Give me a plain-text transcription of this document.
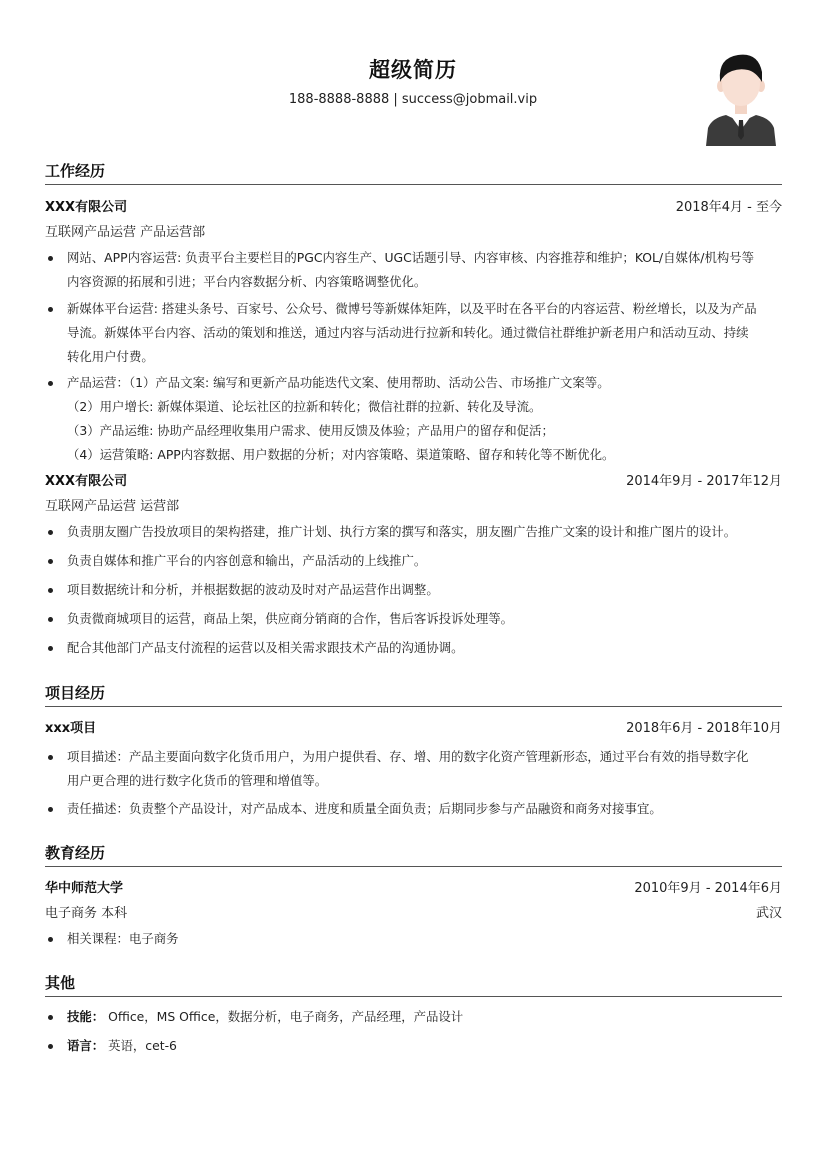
超级简历
188-8888-8888 | success@jobmail.vip
工作经历
XXX有限公司	2018年4月 - 至今
互联网产品运营 产品运营部
网站、APP内容运营: 负责平台主要栏目的PGC内容生产、UGC话题引导、内容审核、内容推荐和维护；KOL/自媒体/机构号等
内容资源的拓展和引进；平台内容数据分析、内容策略调整优化。
新媒体平台运营: 搭建头条号、百家号、公众号、微博号等新媒体矩阵，以及平时在各平台的内容运营、粉丝增长，以及为产品
导流。新媒体平台内容、活动的策划和推送，通过内容与活动进行拉新和转化。通过微信社群维护新老用户和活动互动、持续
转化用户付费。
产品运营：（1）产品文案: 编写和更新产品功能迭代文案、使用帮助、活动公告、市场推广文案等。
（2）用户增长: 新媒体渠道、论坛社区的拉新和转化；微信社群的拉新、转化及导流。
（3）产品运维: 协助产品经理收集用户需求、使用反馈及体验；产品用户的留存和促活；
（4）运营策略: APP内容数据、用户数据的分析；对内容策略、渠道策略、留存和转化等不断优化。
XXX有限公司	2014年9月 - 2017年12月
互联网产品运营 运营部
负责朋友圈广告投放项目的架构搭建，推广计划、执行方案的撰写和落实，朋友圈广告推广文案的设计和推广图片的设计。
负责自媒体和推广平台的内容创意和输出，产品活动的上线推广。
项目数据统计和分析，并根据数据的波动及时对产品运营作出调整。
负责微商城项目的运营，商品上架，供应商分销商的合作，售后客诉投诉处理等。
配合其他部门产品支付流程的运营以及相关需求跟技术产品的沟通协调。
项目经历
xxx项目	2018年6月 - 2018年10月
项目描述：产品主要面向数字化货币用户，为用户提供看、存、增、用的数字化资产管理新形态，通过平台有效的指导数字化
用户更合理的进行数字化货币的管理和增值等。
责任描述：负责整个产品设计，对产品成本、进度和质量全面负责；后期同步参与产品融资和商务对接事宜。
教育经历
华中师范大学	2010年9月 - 2014年6月
电子商务 本科	武汉
相关课程：电子商务
其他
技能： Office，MS Office，数据分析，电子商务，产品经理，产品设计
语言： 英语，cet-6
